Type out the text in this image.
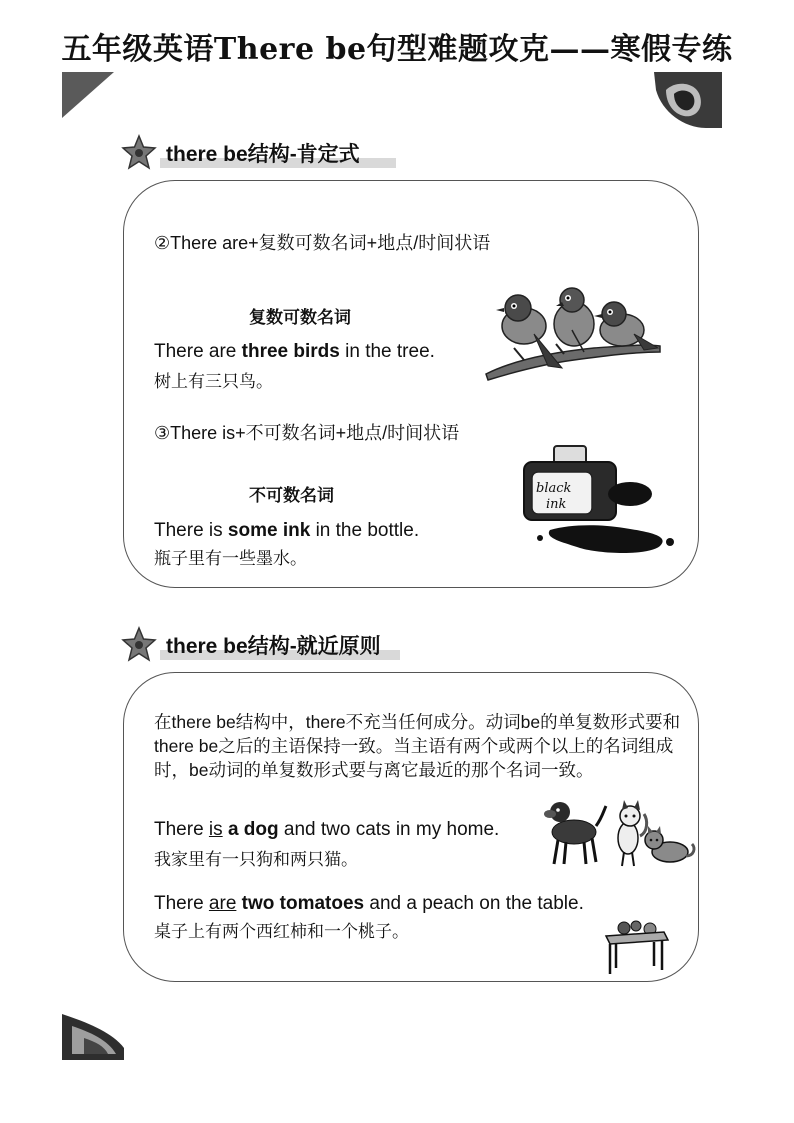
五年级英语There be句型难题攻克——寒假专练
there be结构-肯定式
②There are+复数可数名词+地点/时间状语
复数可数名词
There are three birds in the tree.
树上有三只鸟。
③There is+不可数名词+地点/时间状语
不可数名词
There is some ink in the bottle.
瓶子里有一些墨水。
black
ink
there be结构-就近原则
在there be结构中，there不充当任何成分。动词be的单复数形式要和there be之后的主语保持一致。当主语有两个或两个以上的名词组成时，be动词的单复数形式要与离它最近的那个名词一致。
There is a dog and two cats in my home.
我家里有一只狗和两只猫。
There are two tomatoes and a peach on the table.
桌子上有两个西红柿和一个桃子。
